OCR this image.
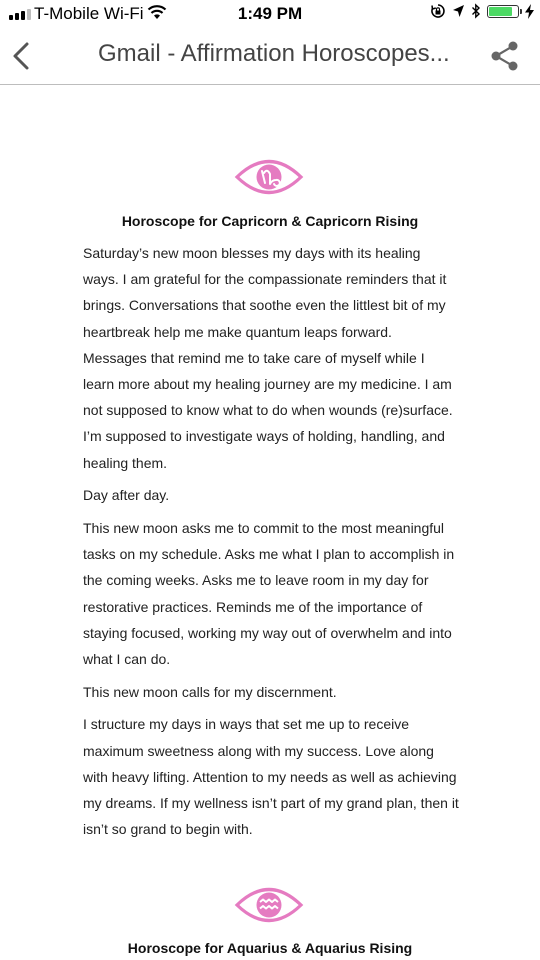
T-Mobile Wi-Fi	1:49 PM
Gmail - Affirmation Horoscopes...
Horoscope for Capricorn & Capricorn Rising

Saturday’s new moon blesses my days with its healing ways. I am grateful for the compassionate reminders that it brings. Conversations that soothe even the littlest bit of my heartbreak help me make quantum leaps forward. Messages that remind me to take care of myself while I learn more about my healing journey are my medicine. I am not supposed to know what to do when wounds (re)surface. I’m supposed to investigate ways of holding, handling, and healing them.

Day after day.

This new moon asks me to commit to the most meaningful tasks on my schedule. Asks me what I plan to accomplish in the coming weeks. Asks me to leave room in my day for restorative practices. Reminds me of the importance of staying focused, working my way out of overwhelm and into what I can do.

This new moon calls for my discernment.

I structure my days in ways that set me up to receive maximum sweetness along with my success. Love along with heavy lifting. Attention to my needs as well as achieving my dreams. If my wellness isn’t part of my grand plan, then it isn’t so grand to begin with.

Horoscope for Aquarius & Aquarius Rising
